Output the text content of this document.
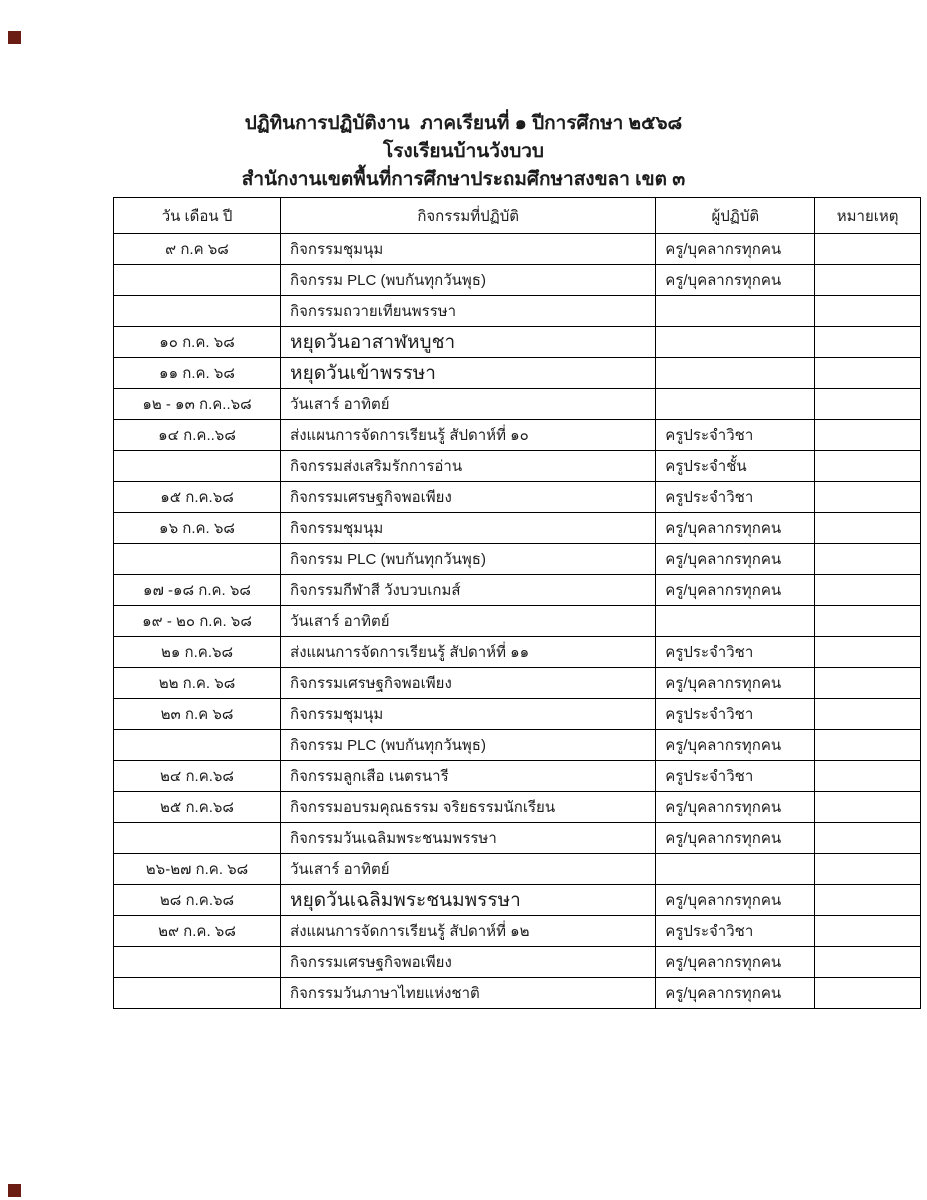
ปฏิทินการปฏิบัติงาน  ภาคเรียนที่ ๑ ปีการศึกษา ๒๕๖๘
โรงเรียนบ้านวังบวบ
สำนักงานเขตพื้นที่การศึกษาประถมศึกษาสงขลา เขต ๓
วัน เดือน ปี	กิจกรรมที่ปฏิบัติ	ผู้ปฏิบัติ	หมายเหตุ
๙ ก.ค ๖๘	กิจกรรมชุมนุม	ครู/บุคลากรทุกคน	
	กิจกรรม PLC (พบกันทุกวันพุธ)	ครู/บุคลากรทุกคน	
	กิจกรรมถวายเทียนพรรษา		
๑๐ ก.ค. ๖๘	หยุดวันอาสาฬหบูชา		
๑๑ ก.ค. ๖๘	หยุดวันเข้าพรรษา		
๑๒ - ๑๓ ก.ค..๖๘	วันเสาร์ อาทิตย์		
๑๔ ก.ค..๖๘	ส่งแผนการจัดการเรียนรู้ สัปดาห์ที่ ๑๐	ครูประจำวิชา	
	กิจกรรมส่งเสริมรักการอ่าน	ครูประจำชั้น	
๑๕ ก.ค.๖๘	กิจกรรมเศรษฐกิจพอเพียง	ครูประจำวิชา	
๑๖ ก.ค. ๖๘	กิจกรรมชุมนุม	ครู/บุคลากรทุกคน	
	กิจกรรม PLC (พบกันทุกวันพุธ)	ครู/บุคลากรทุกคน	
๑๗ -๑๘ ก.ค. ๖๘	กิจกรรมกีฬาสี วังบวบเกมส์	ครู/บุคลากรทุกคน	
๑๙ - ๒๐ ก.ค. ๖๘	วันเสาร์ อาทิตย์		
๒๑ ก.ค.๖๘	ส่งแผนการจัดการเรียนรู้ สัปดาห์ที่ ๑๑	ครูประจำวิชา	
๒๒ ก.ค. ๖๘	กิจกรรมเศรษฐกิจพอเพียง	ครู/บุคลากรทุกคน	
๒๓ ก.ค ๖๘	กิจกรรมชุมนุม	ครูประจำวิชา	
	กิจกรรม PLC (พบกันทุกวันพุธ)	ครู/บุคลากรทุกคน	
๒๔ ก.ค.๖๘	กิจกรรมลูกเสือ เนตรนารี	ครูประจำวิชา	
๒๕ ก.ค.๖๘	กิจกรรมอบรมคุณธรรม จริยธรรมนักเรียน	ครู/บุคลากรทุกคน	
	กิจกรรมวันเฉลิมพระชนมพรรษา	ครู/บุคลากรทุกคน	
๒๖-๒๗ ก.ค. ๖๘	วันเสาร์ อาทิตย์		
๒๘ ก.ค.๖๘	หยุดวันเฉลิมพระชนมพรรษา	ครู/บุคลากรทุกคน	
๒๙ ก.ค. ๖๘	ส่งแผนการจัดการเรียนรู้ สัปดาห์ที่ ๑๒	ครูประจำวิชา	
	กิจกรรมเศรษฐกิจพอเพียง	ครู/บุคลากรทุกคน	
	กิจกรรมวันภาษาไทยแห่งชาติ	ครู/บุคลากรทุกคน	
